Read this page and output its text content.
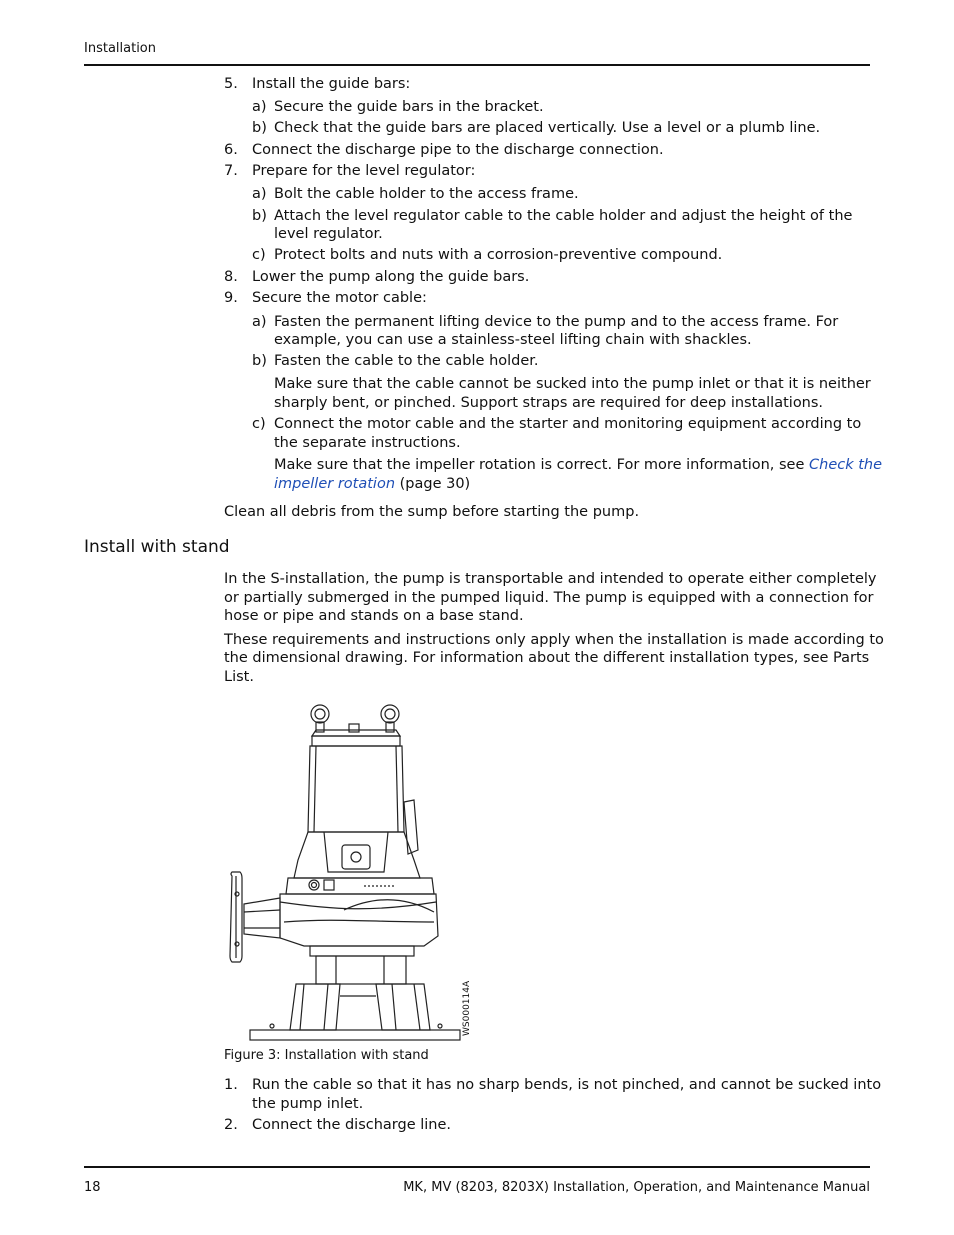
Installation
5. Install the guide bars:
a) Secure the guide bars in the bracket.
b) Check that the guide bars are placed vertically. Use a level or a plumb line.
6. Connect the discharge pipe to the discharge connection.
7. Prepare for the level regulator:
a) Bolt the cable holder to the access frame.
b) Attach the level regulator cable to the cable holder and adjust the height of the
level regulator.
c) Protect bolts and nuts with a corrosion-preventive compound.
8. Lower the pump along the guide bars.
9. Secure the motor cable:
a) Fasten the permanent lifting device to the pump and to the access frame. For
example, you can use a stainless-steel lifting chain with shackles.
b) Fasten the cable to the cable holder.
Make sure that the cable cannot be sucked into the pump inlet or that it is neither
sharply bent, or pinched. Support straps are required for deep installations.
c) Connect the motor cable and the starter and monitoring equipment according to
the separate instructions.
Make sure that the impeller rotation is correct. For more information, see Check the
impeller rotation (page 30)
Clean all debris from the sump before starting the pump.
Install with stand
In the S-installation, the pump is transportable and intended to operate either completely
or partially submerged in the pumped liquid. The pump is equipped with a connection for
hose or pipe and stands on a base stand.
These requirements and instructions only apply when the installation is made according to
the dimensional drawing. For information about the different installation types, see Parts
List.
WS000114A
Figure 3: Installation with stand
1. Run the cable so that it has no sharp bends, is not pinched, and cannot be sucked into
the pump inlet.
2. Connect the discharge line.
18	MK, MV (8203, 8203X) Installation, Operation, and Maintenance Manual
